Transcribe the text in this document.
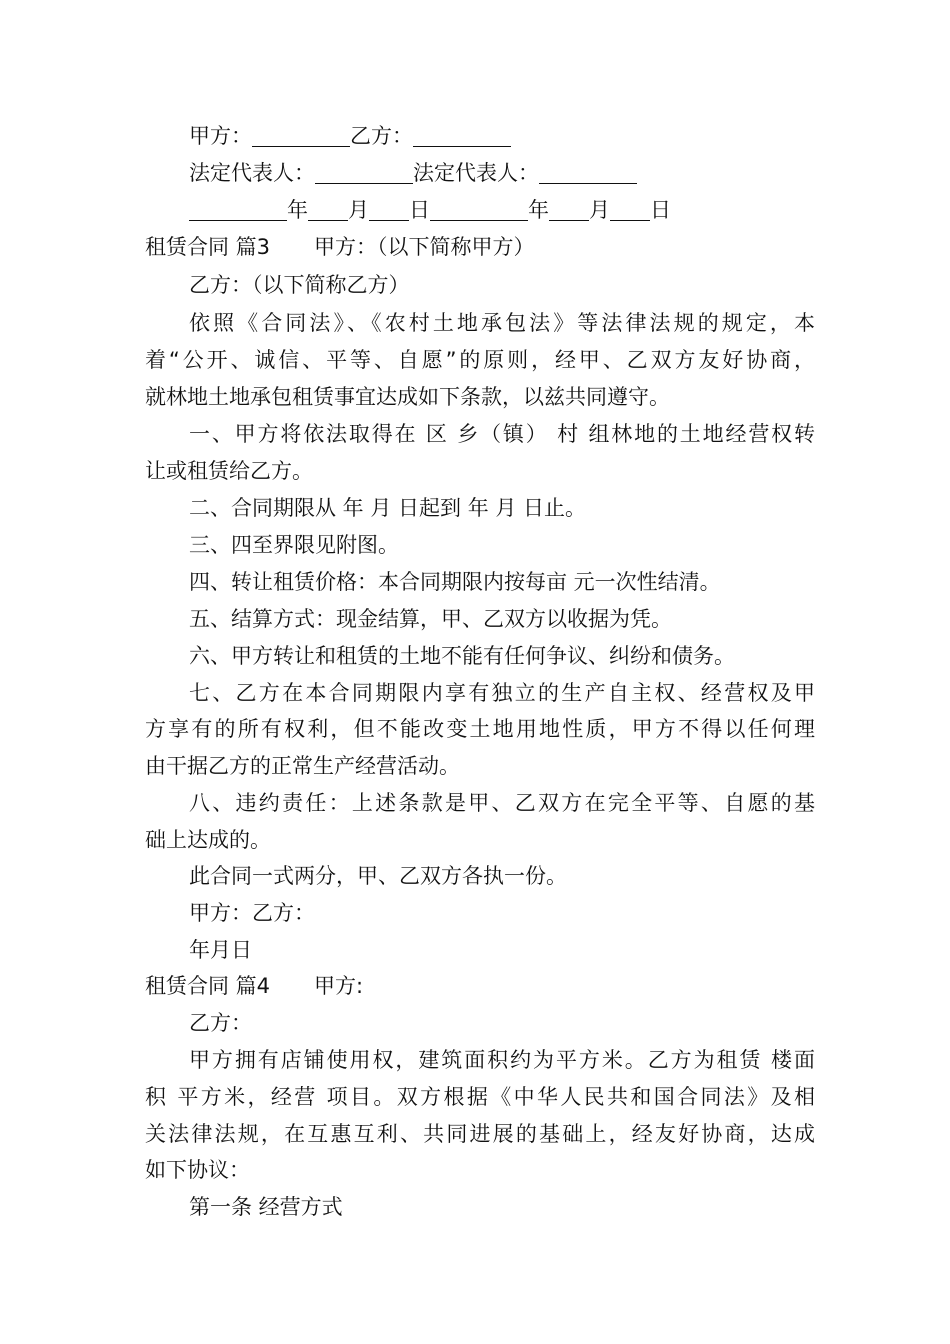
甲方：	乙方：
法定代表人：	法定代表人：
年 月 日	年 月 日
租赁合同 篇3 甲方：（以下简称甲方）
乙方：（以下简称乙方）
依照《合同法》、《农村土地承包法》等法律法规的规定，本
着“公开、诚信、平等、自愿”的原则，经甲、乙双方友好协商，
就林地土地承包租赁事宜达成如下条款，以兹共同遵守。
一、甲方将依法取得在 区 乡（镇） 村 组林地的土地经营权转
让或租赁给乙方。
二、合同期限从 年 月 日起到 年 月 日止。
三、四至界限见附图。
四、转让租赁价格：本合同期限内按每亩 元一次性结清。
五、结算方式：现金结算，甲、乙双方以收据为凭。
六、甲方转让和租赁的土地不能有任何争议、纠纷和债务。
七、乙方在本合同期限内享有独立的生产自主权、经营权及甲
方享有的所有权利，但不能改变土地用地性质，甲方不得以任何理
由干据乙方的正常生产经营活动。
八、违约责任：上述条款是甲、乙双方在完全平等、自愿的基
础上达成的。
此合同一式两分，甲、乙双方各执一份。
甲方：乙方：
年月日
租赁合同 篇4 甲方:
乙方：
甲方拥有店铺使用权，建筑面积约为平方米。乙方为租赁 楼面
积 平方米，经营 项目。双方根据《中华人民共和国合同法》及相
关法律法规，在互惠互利、共同进展的基础上，经友好协商，达成
如下协议：
第一条 经营方式
